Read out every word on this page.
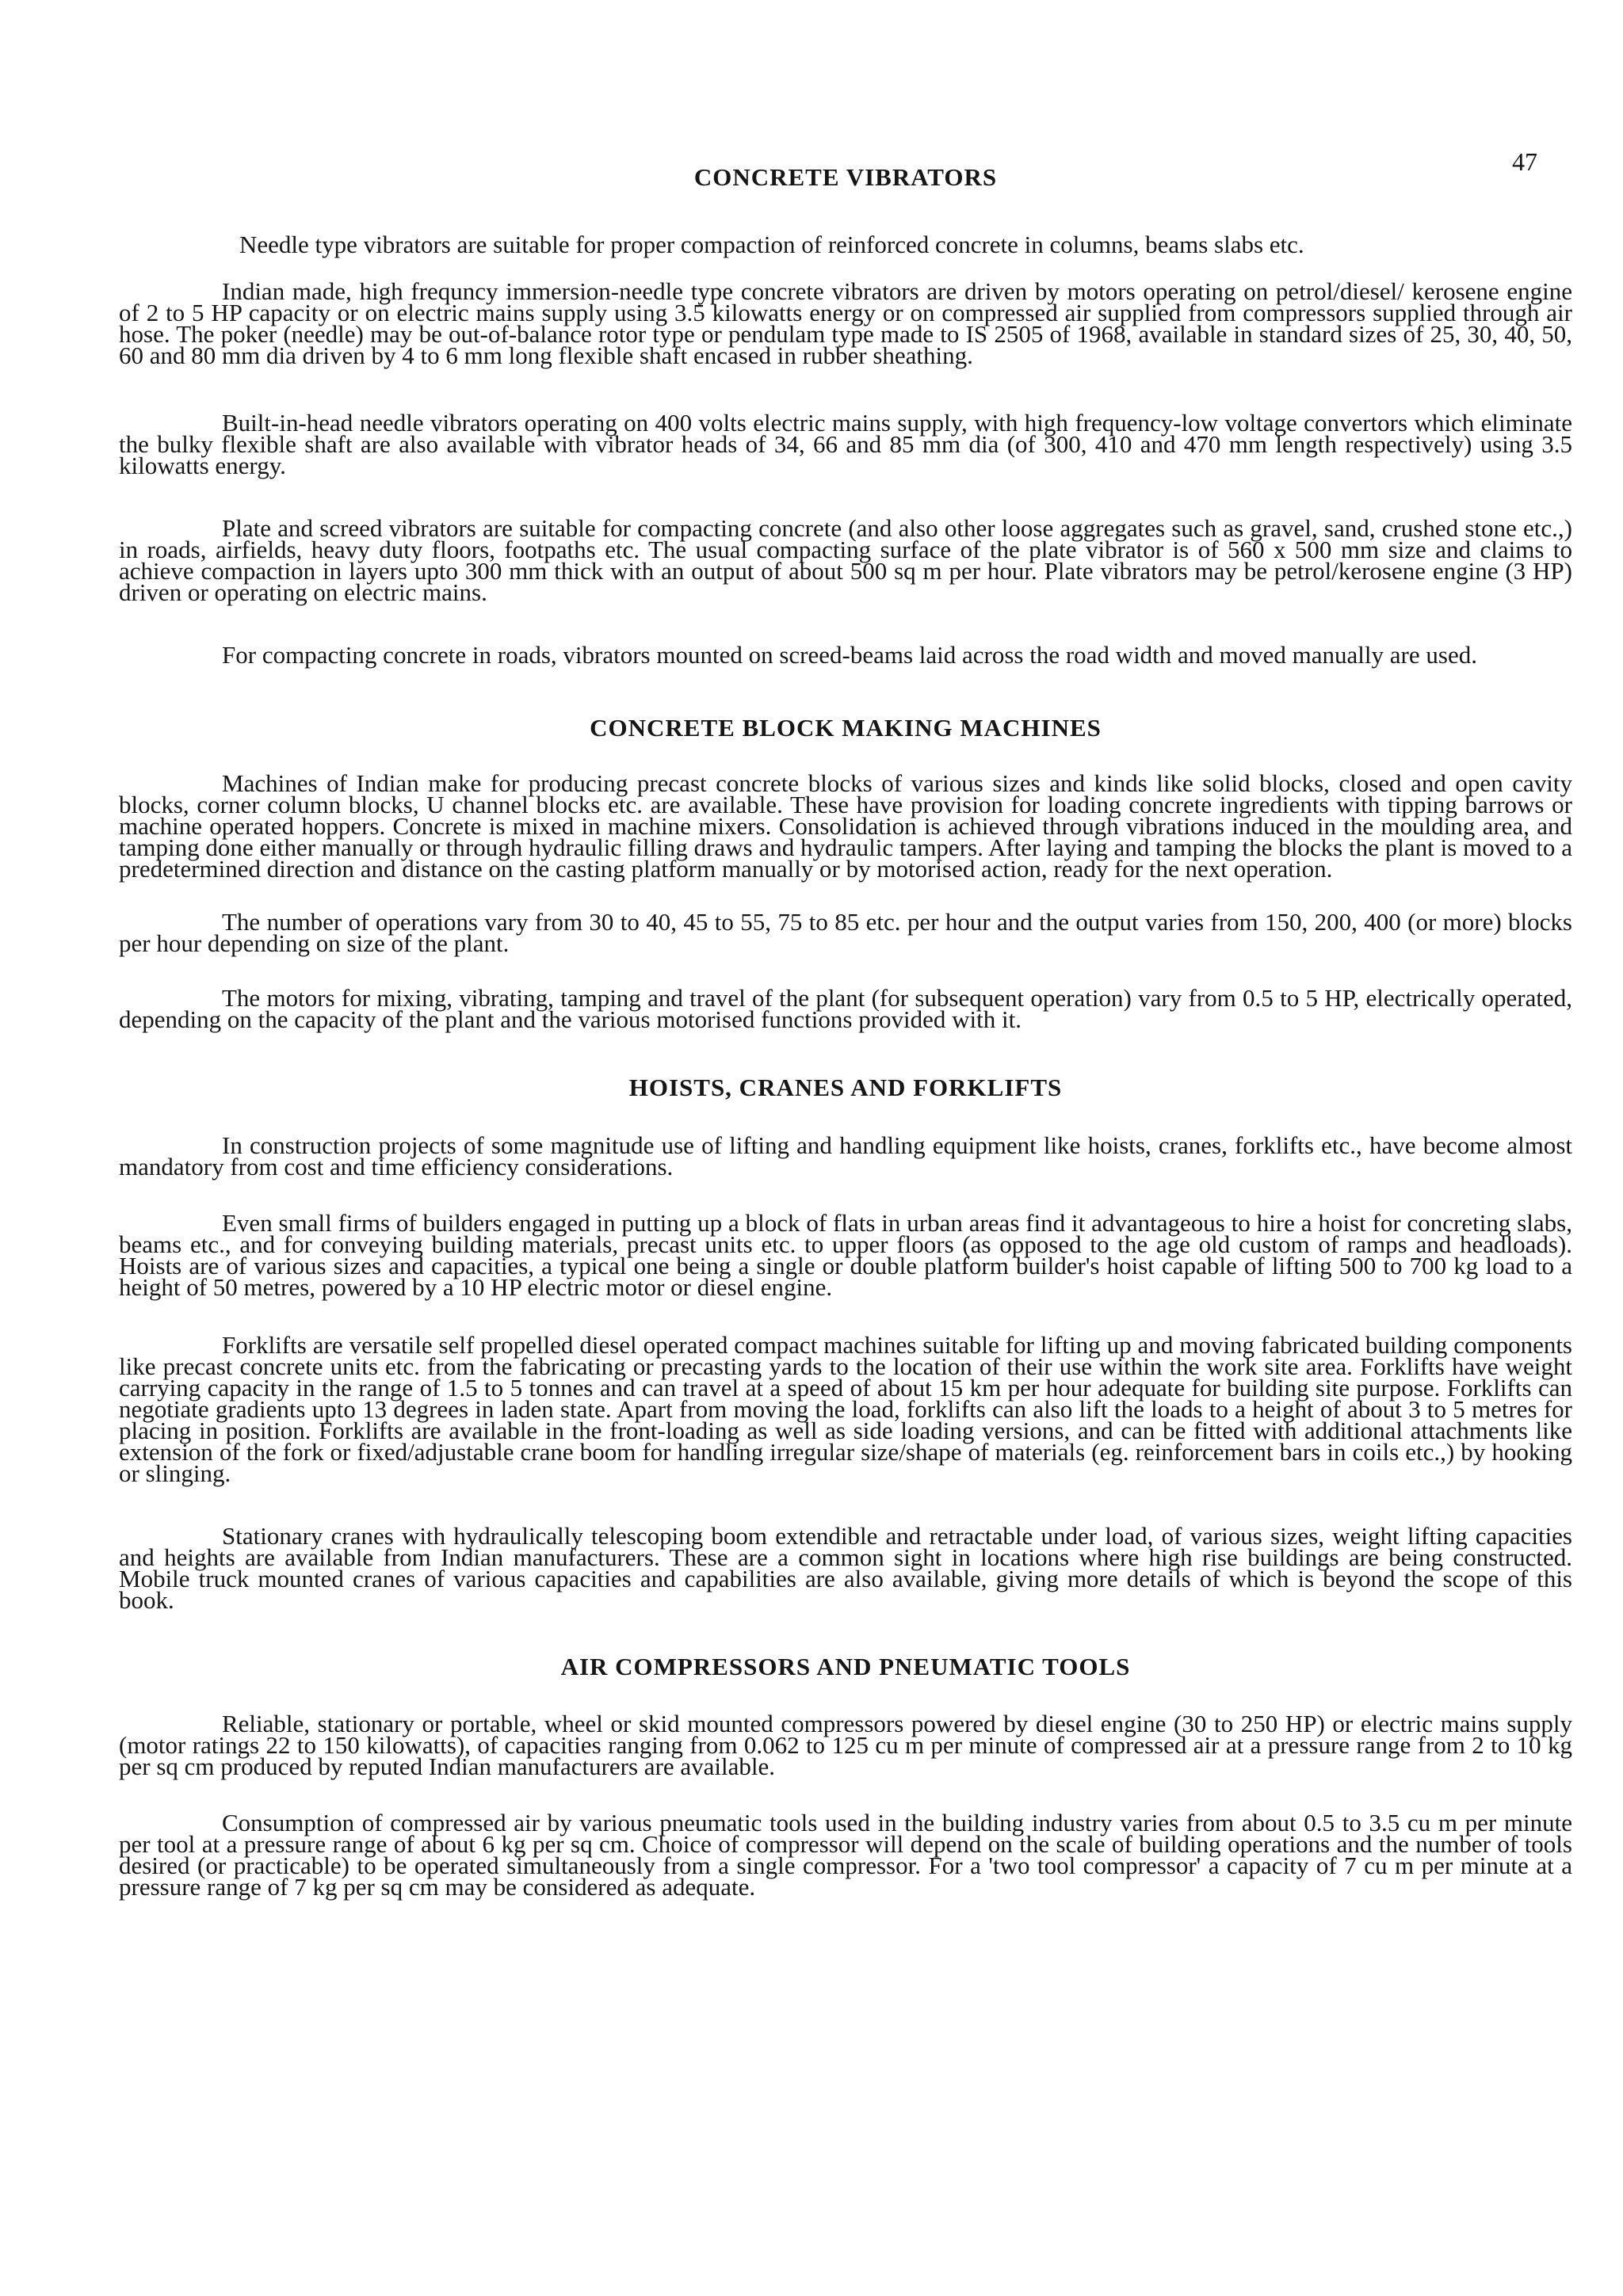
47
CONCRETE VIBRATORS

Needle type vibrators are suitable for proper compaction of reinforced concrete in columns, beams slabs etc.

Indian made, high frequncy immersion-needle type concrete vibrators are driven by motors operating on petrol/diesel/ kerosene engine of 2 to 5 HP capacity or on electric mains supply using 3.5 kilowatts energy or on compressed air supplied from compressors supplied through air hose. The poker (needle) may be out-of-balance rotor type or pendulam type made to IS 2505 of 1968, available in standard sizes of 25, 30, 40, 50, 60 and 80 mm dia driven by 4 to 6 mm long flexible shaft encased in rubber sheathing.

Built-in-head needle vibrators operating on 400 volts electric mains supply, with high frequency-low voltage convertors which eliminate the bulky flexible shaft are also available with vibrator heads of 34, 66 and 85 mm dia (of 300, 410 and 470 mm length respectively) using 3.5 kilowatts energy.

Plate and screed vibrators are suitable for compacting concrete (and also other loose aggregates such as gravel, sand, crushed stone etc.,) in roads, airfields, heavy duty floors, footpaths etc. The usual compacting surface of the plate vibrator is of 560 x 500 mm size and claims to achieve compaction in layers upto 300 mm thick with an output of about 500 sq m per hour. Plate vibrators may be petrol/kerosene engine (3 HP) driven or operating on electric mains.

For compacting concrete in roads, vibrators mounted on screed-beams laid across the road width and moved manually are used.

CONCRETE BLOCK MAKING MACHINES

Machines of Indian make for producing precast concrete blocks of various sizes and kinds like solid blocks, closed and open cavity blocks, corner column blocks, U channel blocks etc. are available. These have provision for loading concrete ingredients with tipping barrows or machine operated hoppers. Concrete is mixed in machine mixers. Consolidation is achieved through vibrations induced in the moulding area, and tamping done either manually or through hydraulic filling draws and hydraulic tampers. After laying and tamping the blocks the plant is moved to a predetermined direction and distance on the casting platform manually or by motorised action, ready for the next operation.

The number of operations vary from 30 to 40, 45 to 55, 75 to 85 etc. per hour and the output varies from 150, 200, 400 (or more) blocks per hour depending on size of the plant.

The motors for mixing, vibrating, tamping and travel of the plant (for subsequent operation) vary from 0.5 to 5 HP, electrically operated, depending on the capacity of the plant and the various motorised functions provided with it.

HOISTS, CRANES AND FORKLIFTS

In construction projects of some magnitude use of lifting and handling equipment like hoists, cranes, forklifts etc., have become almost mandatory from cost and time efficiency considerations.

Even small firms of builders engaged in putting up a block of flats in urban areas find it advantageous to hire a hoist for concreting slabs, beams etc., and for conveying building materials, precast units etc. to upper floors (as opposed to the age old custom of ramps and headloads). Hoists are of various sizes and capacities, a typical one being a single or double platform builder's hoist capable of lifting 500 to 700 kg load to a height of 50 metres, powered by a 10 HP electric motor or diesel engine.

Forklifts are versatile self propelled diesel operated compact machines suitable for lifting up and moving fabricated building components like precast concrete units etc. from the fabricating or precasting yards to the location of their use within the work site area. Forklifts have weight carrying capacity in the range of 1.5 to 5 tonnes and can travel at a speed of about 15 km per hour adequate for building site purpose. Forklifts can negotiate gradients upto 13 degrees in laden state. Apart from moving the load, forklifts can also lift the loads to a height of about 3 to 5 metres for placing in position. Forklifts are available in the front-loading as well as side loading versions, and can be fitted with additional attachments like extension of the fork or fixed/adjustable crane boom for handling irregular size/shape of materials (eg. reinforcement bars in coils etc.,) by hooking or slinging.

Stationary cranes with hydraulically telescoping boom extendible and retractable under load, of various sizes, weight lifting capacities and heights are available from Indian manufacturers. These are a common sight in locations where high rise buildings are being constructed. Mobile truck mounted cranes of various capacities and capabilities are also available, giving more details of which is beyond the scope of this book.

AIR COMPRESSORS AND PNEUMATIC TOOLS

Reliable, stationary or portable, wheel or skid mounted compressors powered by diesel engine (30 to 250 HP) or electric mains supply (motor ratings 22 to 150 kilowatts), of capacities ranging from 0.062 to 125 cu m per minute of compressed air at a pressure range from 2 to 10 kg per sq cm produced by reputed Indian manufacturers are available.

Consumption of compressed air by various pneumatic tools used in the building industry varies from about 0.5 to 3.5 cu m per minute per tool at a pressure range of about 6 kg per sq cm. Choice of compressor will depend on the scale of building operations and the number of tools desired (or practicable) to be operated simultaneously from a single compressor. For a 'two tool compressor' a capacity of 7 cu m per minute at a pressure range of 7 kg per sq cm may be considered as adequate.
